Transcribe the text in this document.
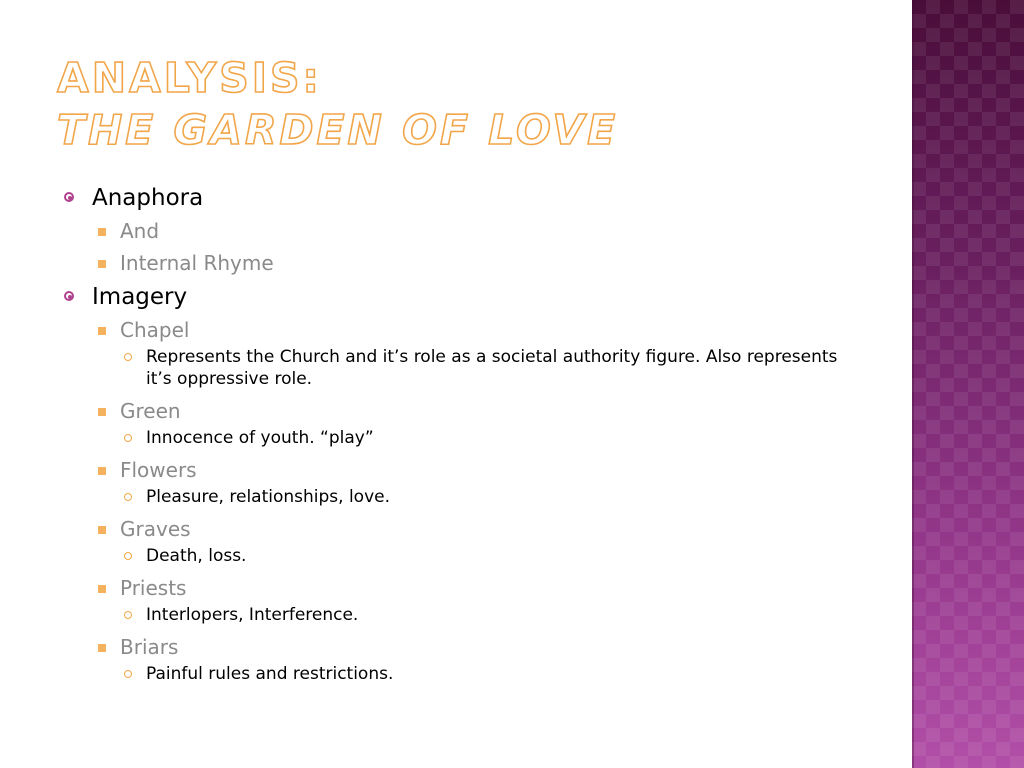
ANALYSIS:
THE GARDEN OF LOVE
Anaphora
And
Internal Rhyme
Imagery
Chapel
Represents the Church and it’s role as a societal authority figure. Also represents it’s oppressive role.
Green
Innocence of youth. “play”
Flowers
Pleasure, relationships, love.
Graves
Death, loss.
Priests
Interlopers, Interference.
Briars
Painful rules and restrictions.
